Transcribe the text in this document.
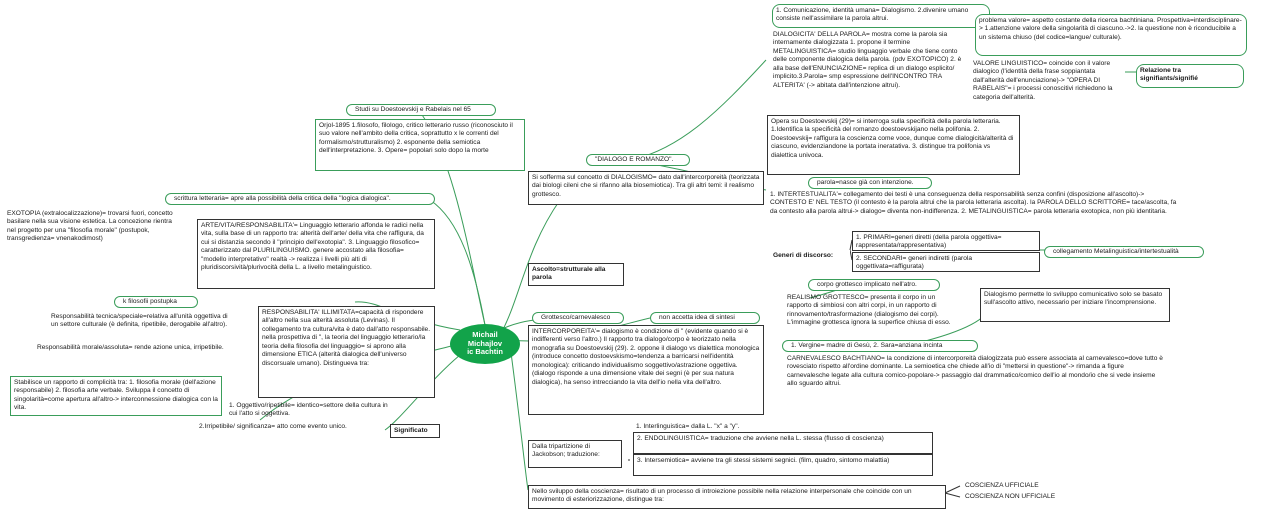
Michail
Michajlov
ic Bachtin
Studi su Doestoevskij e Rabelais nel 65
Orjol-1895 1.filosofo, filologo, critico letterario russo (riconosciuto il suo valore nell'ambito della critica, soprattutto x le correnti del formalismo/strutturalismo) 2. esponente della semiotica dell'interpretazione. 3. Opere= popolari solo dopo la morte
scrittura letteraria= apre alla possibilità della critica della "logica dialogica".
EXOTOPIA (extralocalizzazione)= trovarsi fuori, concetto basilare nella sua visione estetica. La concezione rientra nel progetto per una "filosofia morale" (postupok, transgredienza= vnenakodimost)
ARTE/VITA/RESPONSABILITA'= Linguaggio letterario affonda le radici nella vita, sulla base di un rapporto tra: alterità dell'arte/ della vita che raffigura, da cui si distanzia secondo il "principio dell'exotopia". 3. Linguaggio filosofico= caratterizzato dal PLURILINGUISMO. genere accostato alla filosofia= "modello interpretativo" realtà -> realizza i livelli più alti di pluridiscorsività/plurivocità della L. a livello metalinguistico.
k filosofii postupka
Responsabilità tecnica/speciale=relativa all'unità oggettiva di un settore culturale (è definita, ripetibile, derogabile all'altro).
Responsabilità morale/assoluta= rende azione unica, irripetibile.
Stabilisce un rapporto di complicità tra: 1. filosofia morale (dell'azione responsabile) 2. filosofia arte verbale. Sviluppa il concetto di singolarità=come apertura all'altro-> interconnessione dialogica con la vita.
RESPONSABILITA' ILLIMITATA=capacità di rispondere all'altro nella sua alterità assoluta (Levinas). Il collegamento tra cultura/vita è dato dall'atto responsabile. nella prospettiva di ", la teoria del linguaggio letterario/la teoria della filosofia del linguaggio= si aprono alla dimensione ETICA (alterità dialogica dell'universo discorsuale umano). Distingueva tra:
1. Oggettivo/ripetibile= identico=settore della cultura in cui l'atto si oggettiva.
2.Irripetibile/ significanza= atto come evento unico.
Significato
"DIALOGO E ROMANZO".
Si sofferma sul concetto di DIALOGISMO= dato dall'intercorporeità (teorizzata dai biologi cileni che si rifanno alla biosemiotica). Tra gli altri temi: il realismo grottesco.
Ascolto=strutturale alla parola
Grottesco/carnevalesco	non accetta idea di sintesi
INTERCORPOREITA'= dialogismo è condizione di " (evidente quando si è indifferenti verso l'altro.) Il rapporto tra dialogo/corpo è teorizzato nella monografia su Doestoevskij (29). 2. oppone il dialogo vs dialettica monologica (introduce concetto dostoevskismo=tendenza a barricarsi nell'identità monologica): criticando individualismo soggettivo/astrazione oggettiva. (dialogo risponde a una dimensione vitale dei segni (è per sua natura dialogica), ha senso intrecciando la vita dell'io nella vita dell'altro.
Dalla tripartizione di Jackobson; traduzione:
1. Interlinguistica= dalla L. "x" a "y".
2. ENDOLINGUISTICA= traduzione che avviene nella L. stessa (flusso di coscienza)
3. Intersemiotica= avviene tra gli stessi sistemi segnici. (film, quadro, sintomo malattia)
Nello sviluppo della coscienza= risultato di un processo di introiezione possibile nella relazione interpersonale che coincide con un movimento di esteriorizzazione, distingue tra:
COSCIENZA UFFICIALE
COSCIENZA NON UFFICIALE
1. Comunicazione, identità umana= Dialogismo. 2.divenire umano consiste nell'assimilare la parola altrui.
DIALOGICITA' DELLA PAROLA= mostra come la parola sia internamente dialogizzata 1. propone il termine METALINGUISTICA= studio linguaggio verbale che tiene conto delle componente dialogica della parola. (pdv EXOTOPICO) 2. è alla base dell'ENUNCIAZIONE= replica di un dialogo esplicito/ implicito.3.Parola= smp espressione dell'INCONTRO TRA ALTERITA' (-> abitata dall'intenzione altrui).
problema valore= aspetto costante della ricerca bachtiniana. Prospettiva=interdisciplinare-> 1.attenzione valore della singolarità di ciascuno.->2. la questione non è riconducibile a un sistema chiuso (del codice=langue/ culturale).
VALORE LINGUISTICO= coincide con il valore dialogico (l'identità della frase soppiantata dall'alterità dell'enunciazione)-> "OPERA DI RABELAIS"= i processi conoscitivi richiedono la categoria dell'alterità.
Relazione tra signifiants/signifié
Opera su Doestoevskij (29)= si interroga sulla specificità della parola letteraria. 1.Identifica la specificità del romanzo doestoevskijano nella polifonia. 2. Doestoevskij= raffigura la coscienza come voce, dunque come dialogicità/alterità di ciascuno, evidenziandone la portata ineratativa. 3. distingue tra polifonia vs dialettica univoca.
parola=nasce già con intenzione.
1. INTERTESTUALITA'= collegamento dei testi è una conseguenza della responsabilità senza confini (disposizione all'ascolto)-> CONTESTO E' NEL TESTO (il contesto è la parola altrui che la parola letteraria ascolta). la PAROLA DELLO SCRITTORE= tace/ascolta, fa da contesto alla parola altrui-> dialogo= diventa non-indifferenza. 2. METALINGUISTICA= parola letteraria exotopica, non più identitaria.
Generi di discorso:
1. PRIMARI=generi diretti (della parola oggettiva= rappresentata/rappresentativa)
2. SECONDARI= generi indiretti (parola oggettivata=raffigurata)
collegamento Metalinguistica/intertestualità
corpo grottesco implicato nell'atro.
REALISMO GROTTESCO= presenta il corpo in un rapporto di simbiosi con altri corpi, in un rapporto di rinnovamento/trasformazione (dialogismo dei corpi). L'immagine grottesca ignora la superfice chiusa di esso.
Dialogismo permette lo sviluppo comunicativo solo se basato sull'ascolto attivo, necessario per iniziare l'incomprensione.
1. Vergine= madre di Gesù, 2. Sara=anziana incinta
CARNEVALESCO BACHTIANO= la condizione di intercorporeità dialogizzata può essere associata al carnevalesco=dove tutto è rovesciato rispetto all'ordine dominante. La semioetica che chiede all'io di "mettersi in questione"-> rimanda a figure carnevalesche legate alla cultura comico-popolare-> passaggio dal drammatico/comico dell'io al mondo/io che si vede insieme allo sguardo altrui.
